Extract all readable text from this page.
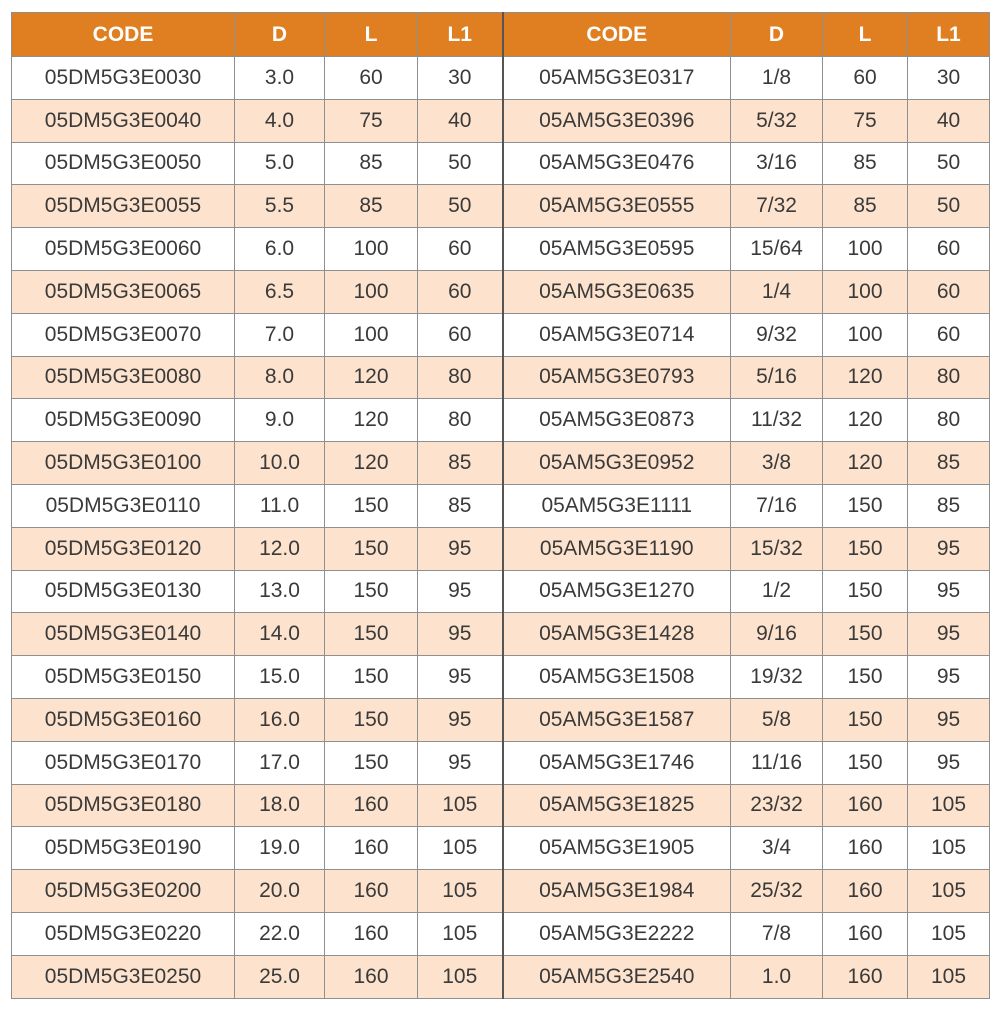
CODE	D	L	L1	CODE	D	L	L1
05DM5G3E0030	3.0	60	30	05AM5G3E0317	1/8	60	30
05DM5G3E0040	4.0	75	40	05AM5G3E0396	5/32	75	40
05DM5G3E0050	5.0	85	50	05AM5G3E0476	3/16	85	50
05DM5G3E0055	5.5	85	50	05AM5G3E0555	7/32	85	50
05DM5G3E0060	6.0	100	60	05AM5G3E0595	15/64	100	60
05DM5G3E0065	6.5	100	60	05AM5G3E0635	1/4	100	60
05DM5G3E0070	7.0	100	60	05AM5G3E0714	9/32	100	60
05DM5G3E0080	8.0	120	80	05AM5G3E0793	5/16	120	80
05DM5G3E0090	9.0	120	80	05AM5G3E0873	11/32	120	80
05DM5G3E0100	10.0	120	85	05AM5G3E0952	3/8	120	85
05DM5G3E0110	11.0	150	85	05AM5G3E1111	7/16	150	85
05DM5G3E0120	12.0	150	95	05AM5G3E1190	15/32	150	95
05DM5G3E0130	13.0	150	95	05AM5G3E1270	1/2	150	95
05DM5G3E0140	14.0	150	95	05AM5G3E1428	9/16	150	95
05DM5G3E0150	15.0	150	95	05AM5G3E1508	19/32	150	95
05DM5G3E0160	16.0	150	95	05AM5G3E1587	5/8	150	95
05DM5G3E0170	17.0	150	95	05AM5G3E1746	11/16	150	95
05DM5G3E0180	18.0	160	105	05AM5G3E1825	23/32	160	105
05DM5G3E0190	19.0	160	105	05AM5G3E1905	3/4	160	105
05DM5G3E0200	20.0	160	105	05AM5G3E1984	25/32	160	105
05DM5G3E0220	22.0	160	105	05AM5G3E2222	7/8	160	105
05DM5G3E0250	25.0	160	105	05AM5G3E2540	1.0	160	105
